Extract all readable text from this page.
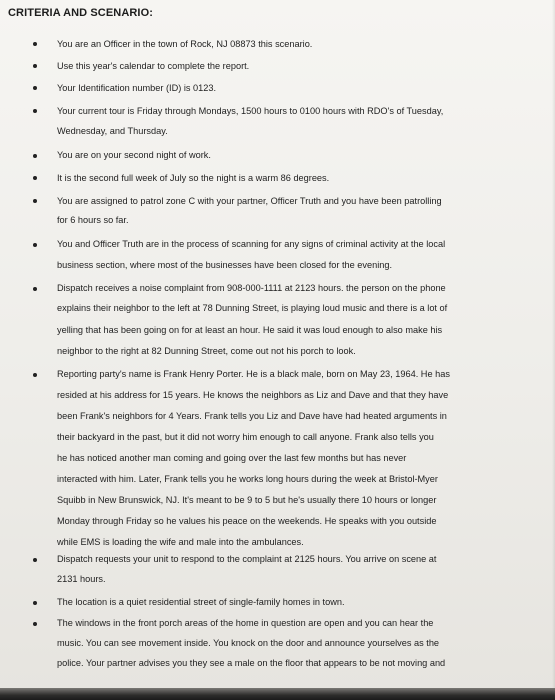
CRITERIA AND SCENARIO:
You are an Officer in the town of Rock, NJ 08873 this scenario.
Use this year's calendar to complete the report.
Your Identification number (ID) is 0123.
Your current tour is Friday through Mondays, 1500 hours to 0100 hours with RDO's of Tuesday,
Wednesday, and Thursday.
You are on your second night of work.
It is the second full week of July so the night is a warm 86 degrees.
You are assigned to patrol zone C with your partner, Officer Truth and you have been patrolling
for 6 hours so far.
You and Officer Truth are in the process of scanning for any signs of criminal activity at the local
business section, where most of the businesses have been closed for the evening.
Dispatch receives a noise complaint from 908-000-1111 at 2123 hours. the person on the phone
explains their neighbor to the left at 78 Dunning Street, is playing loud music and there is a lot of
yelling that has been going on for at least an hour. He said it was loud enough to also make his
neighbor to the right at 82 Dunning Street, come out not his porch to look.
Reporting party's name is Frank Henry Porter. He is a black male, born on May 23, 1964. He has
resided at his address for 15 years. He knows the neighbors as Liz and Dave and that they have
been Frank's neighbors for 4 Years. Frank tells you Liz and Dave have had heated arguments in
their backyard in the past, but it did not worry him enough to call anyone. Frank also tells you
he has noticed another man coming and going over the last few months but has never
interacted with him. Later, Frank tells you he works long hours during the week at Bristol-Myer
Squibb in New Brunswick, NJ. It's meant to be 9 to 5 but he's usually there 10 hours or longer
Monday through Friday so he values his peace on the weekends. He speaks with you outside
while EMS is loading the wife and male into the ambulances.
Dispatch requests your unit to respond to the complaint at 2125 hours. You arrive on scene at
2131 hours.
The location is a quiet residential street of single-family homes in town.
The windows in the front porch areas of the home in question are open and you can hear the
music. You can see movement inside. You knock on the door and announce yourselves as the
police. Your partner advises you they see a male on the floor that appears to be not moving and
